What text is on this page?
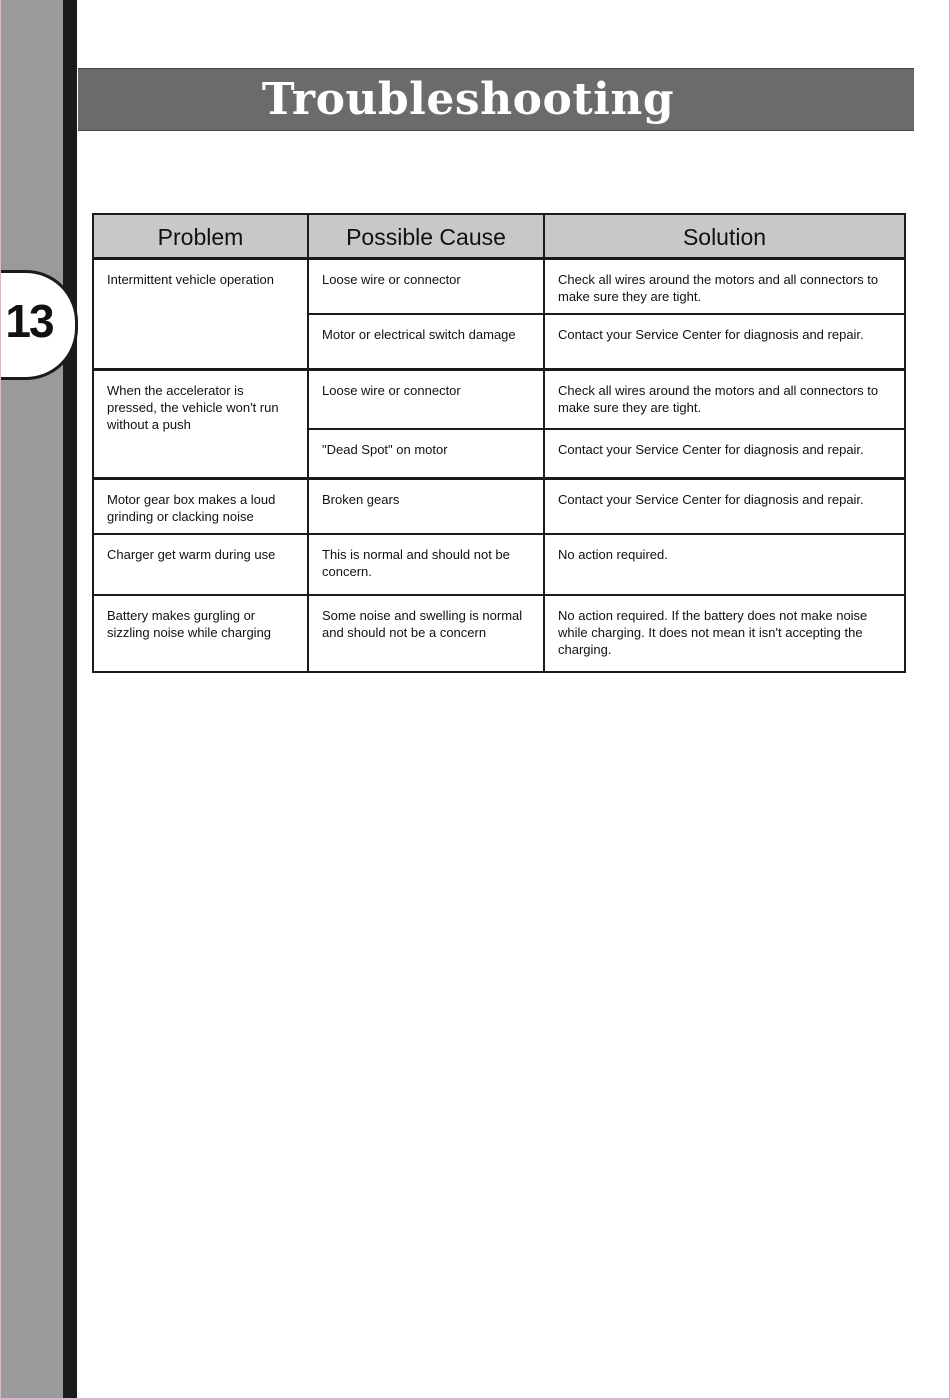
13
Troubleshooting
Problem	Possible Cause	Solution
Intermittent vehicle operation	Loose wire or connector	Check all wires around the motors and all connectors to make sure they are tight.
	Motor or electrical switch damage	Contact your Service Center for diagnosis and repair.
When the accelerator is pressed, the vehicle won't run without a push	Loose wire or connector	Check all wires around the motors and all connectors to make sure they are tight.
	"Dead Spot" on motor	Contact your Service Center for diagnosis and repair.
Motor gear box makes a loud grinding or clacking noise	Broken gears	Contact your Service Center for diagnosis and repair.
Charger get warm during use	This is normal and should not be concern.	No action required.
Battery makes gurgling or sizzling noise while charging	Some noise and swelling is normal and should not be a concern	No action required. If the battery does not make noise while charging. It does not mean it isn't accepting the charging.
